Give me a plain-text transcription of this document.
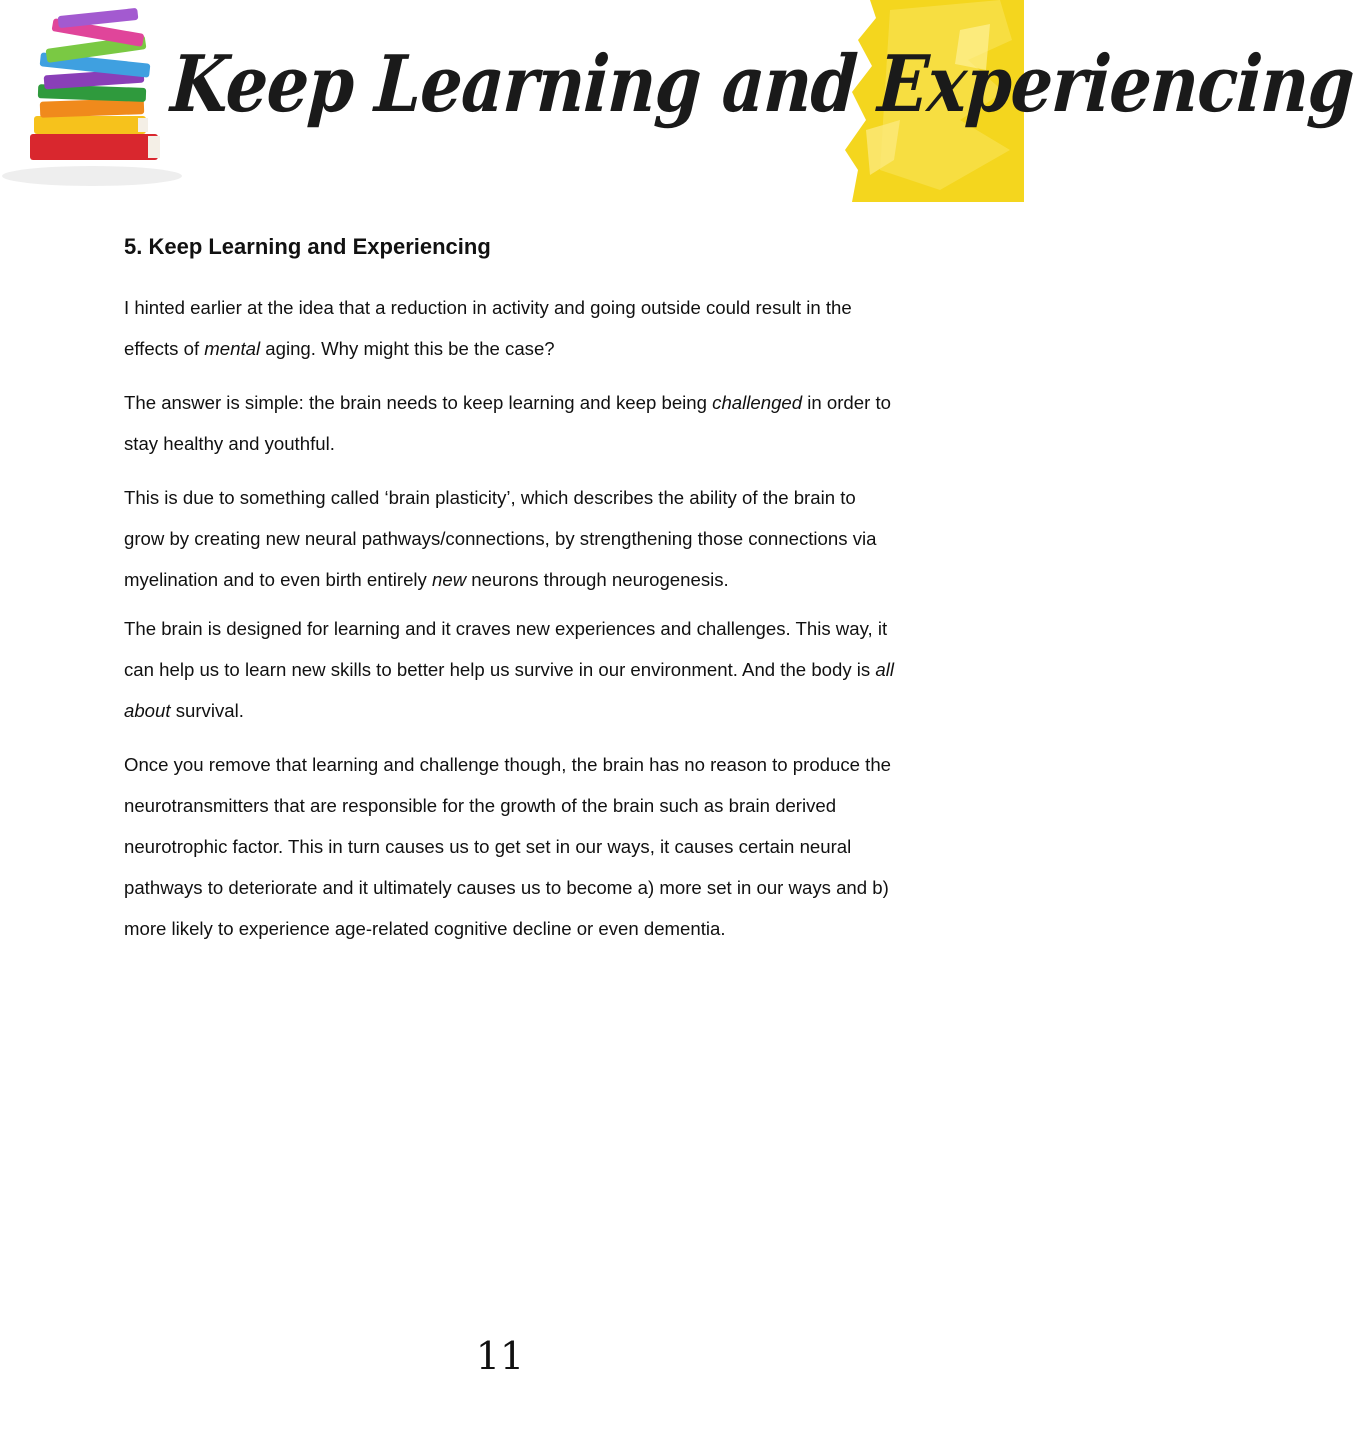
Keep Learning and Experiencing
5. Keep Learning and Experiencing

I hinted earlier at the idea that a reduction in activity and going outside could result in the effects of mental aging. Why might this be the case?

The answer is simple: the brain needs to keep learning and keep being challenged in order to stay healthy and youthful.

This is due to something called ‘brain plasticity’, which describes the ability of the brain to grow by creating new neural pathways/connections, by strengthening those connections via myelination and to even birth entirely new neurons through neurogenesis.

The brain is designed for learning and it craves new experiences and challenges. This way, it can help us to learn new skills to better help us survive in our environment. And the body is all about survival.

Once you remove that learning and challenge though, the brain has no reason to produce the neurotransmitters that are responsible for the growth of the brain such as brain derived neurotrophic factor. This in turn causes us to get set in our ways, it causes certain neural pathways to deteriorate and it ultimately causes us to become a) more set in our ways and b) more likely to experience age-related cognitive decline or even dementia.

11
